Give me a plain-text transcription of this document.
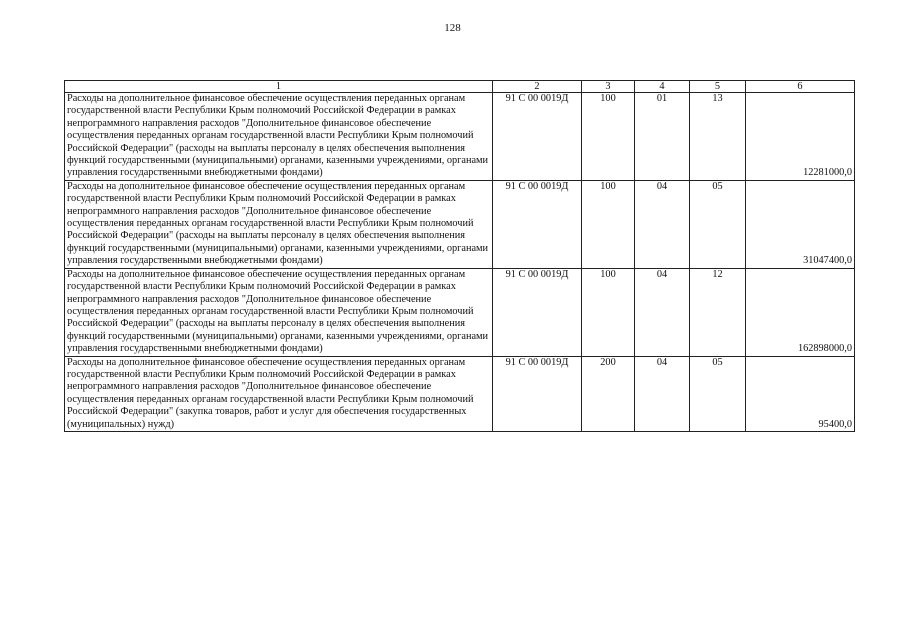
128
1	2	3	4	5	6
Расходы на дополнительное финансовое обеспечение осуществления переданных органам государственной власти Республики Крым полномочий Российской Федерации в рамках непрограммного направления расходов "Дополнительное финансовое обеспечение осуществления переданных органам государственной власти Республики Крым полномочий Российской Федерации" (расходы на выплаты персоналу в целях обеспечения выполнения функций государственными (муниципальными) органами, казенными учреждениями, органами управления государственными внебюджетными фондами)	91 С 00 0019Д	100	01	13	12281000,0
Расходы на дополнительное финансовое обеспечение осуществления переданных органам государственной власти Республики Крым полномочий Российской Федерации в рамках непрограммного направления расходов "Дополнительное финансовое обеспечение осуществления переданных органам государственной власти Республики Крым полномочий Российской Федерации" (расходы на выплаты персоналу в целях обеспечения выполнения функций государственными (муниципальными) органами, казенными учреждениями, органами управления государственными внебюджетными фондами)	91 С 00 0019Д	100	04	05	31047400,0
Расходы на дополнительное финансовое обеспечение осуществления переданных органам государственной власти Республики Крым полномочий Российской Федерации в рамках непрограммного направления расходов "Дополнительное финансовое обеспечение осуществления переданных органам государственной власти Республики Крым полномочий Российской Федерации" (расходы на выплаты персоналу в целях обеспечения выполнения функций государственными (муниципальными) органами, казенными учреждениями, органами управления государственными внебюджетными фондами)	91 С 00 0019Д	100	04	12	162898000,0
Расходы на дополнительное финансовое обеспечение осуществления переданных органам государственной власти Республики Крым полномочий Российской Федерации в рамках непрограммного направления расходов "Дополнительное финансовое обеспечение осуществления переданных органам государственной власти Республики Крым полномочий Российской Федерации" (закупка товаров, работ и услуг для обеспечения государственных (муниципальных) нужд)	91 С 00 0019Д	200	04	05	95400,0
